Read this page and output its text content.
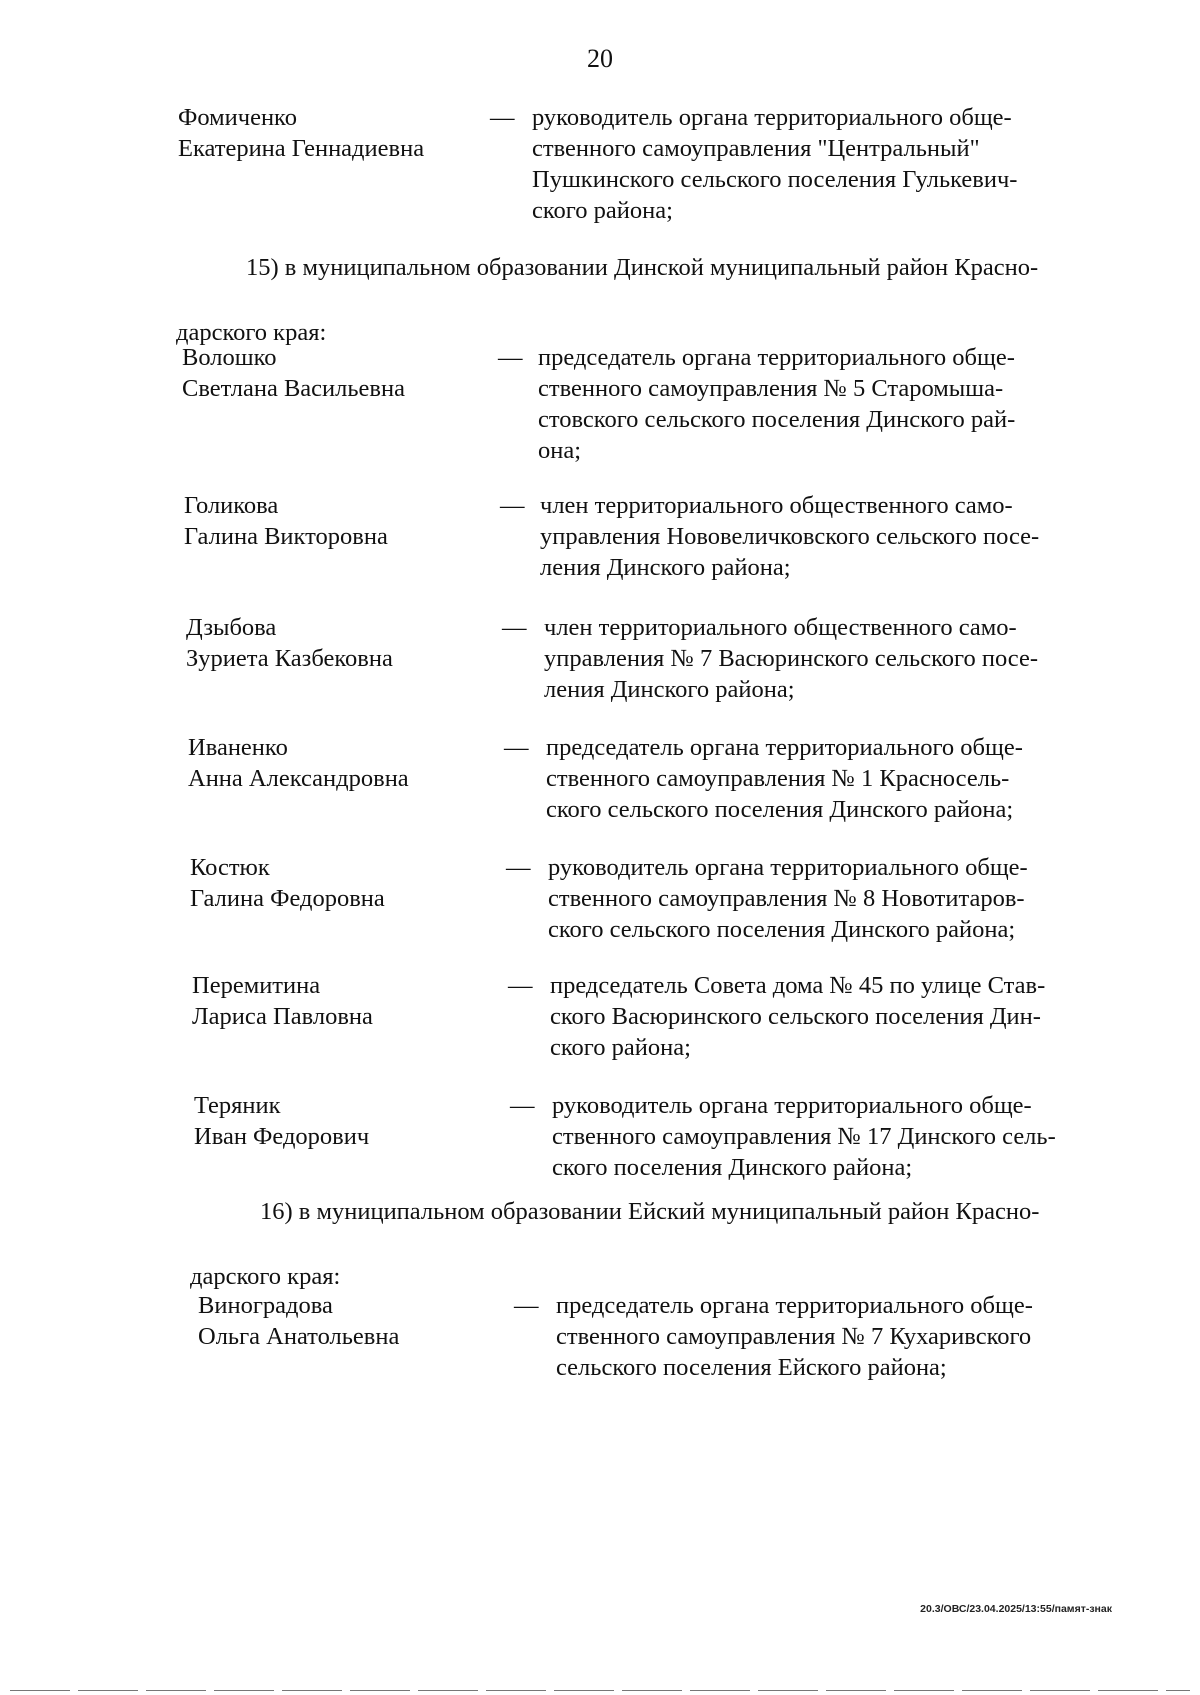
20
Фомиченко
Екатерина Геннадиевна
— руководитель органа территориального обще-
ственного самоуправления "Центральный"
Пушкинского сельского поселения Гулькевич-
ского района;
15) в муниципальном образовании Динской муниципальный район Красно-
дарского края:
Волошко
Светлана Васильевна
— председатель органа территориального обще-
ственного самоуправления № 5 Старомыша-
стовского сельского поселения Динского рай-
она;
Голикова
Галина Викторовна
— член территориального общественного само-
управления Нововеличковского сельского посе-
ления Динского района;
Дзыбова
Зуриета Казбековна
— член территориального общественного само-
управления № 7 Васюринского сельского посе-
ления Динского района;
Иваненко
Анна Александровна
— председатель органа территориального обще-
ственного самоуправления № 1 Красносель-
ского сельского поселения Динского района;
Костюк
Галина Федоровна
— руководитель органа территориального обще-
ственного самоуправления № 8 Новотитаров-
ского сельского поселения Динского района;
Перемитина
Лариса Павловна
— председатель Совета дома № 45 по улице Став-
ского Васюринского сельского поселения Дин-
ского района;
Теряник
Иван Федорович
— руководитель органа территориального обще-
ственного самоуправления № 17 Динского сель-
ского поселения Динского района;
16) в муниципальном образовании Ейский муниципальный район Красно-
дарского края:
Виноградова
Ольга Анатольевна
— председатель органа территориального обще-
ственного самоуправления № 7 Кухаривского
сельского поселения Ейского района;
20.3/ОВС/23.04.2025/13:55/памят-знак
